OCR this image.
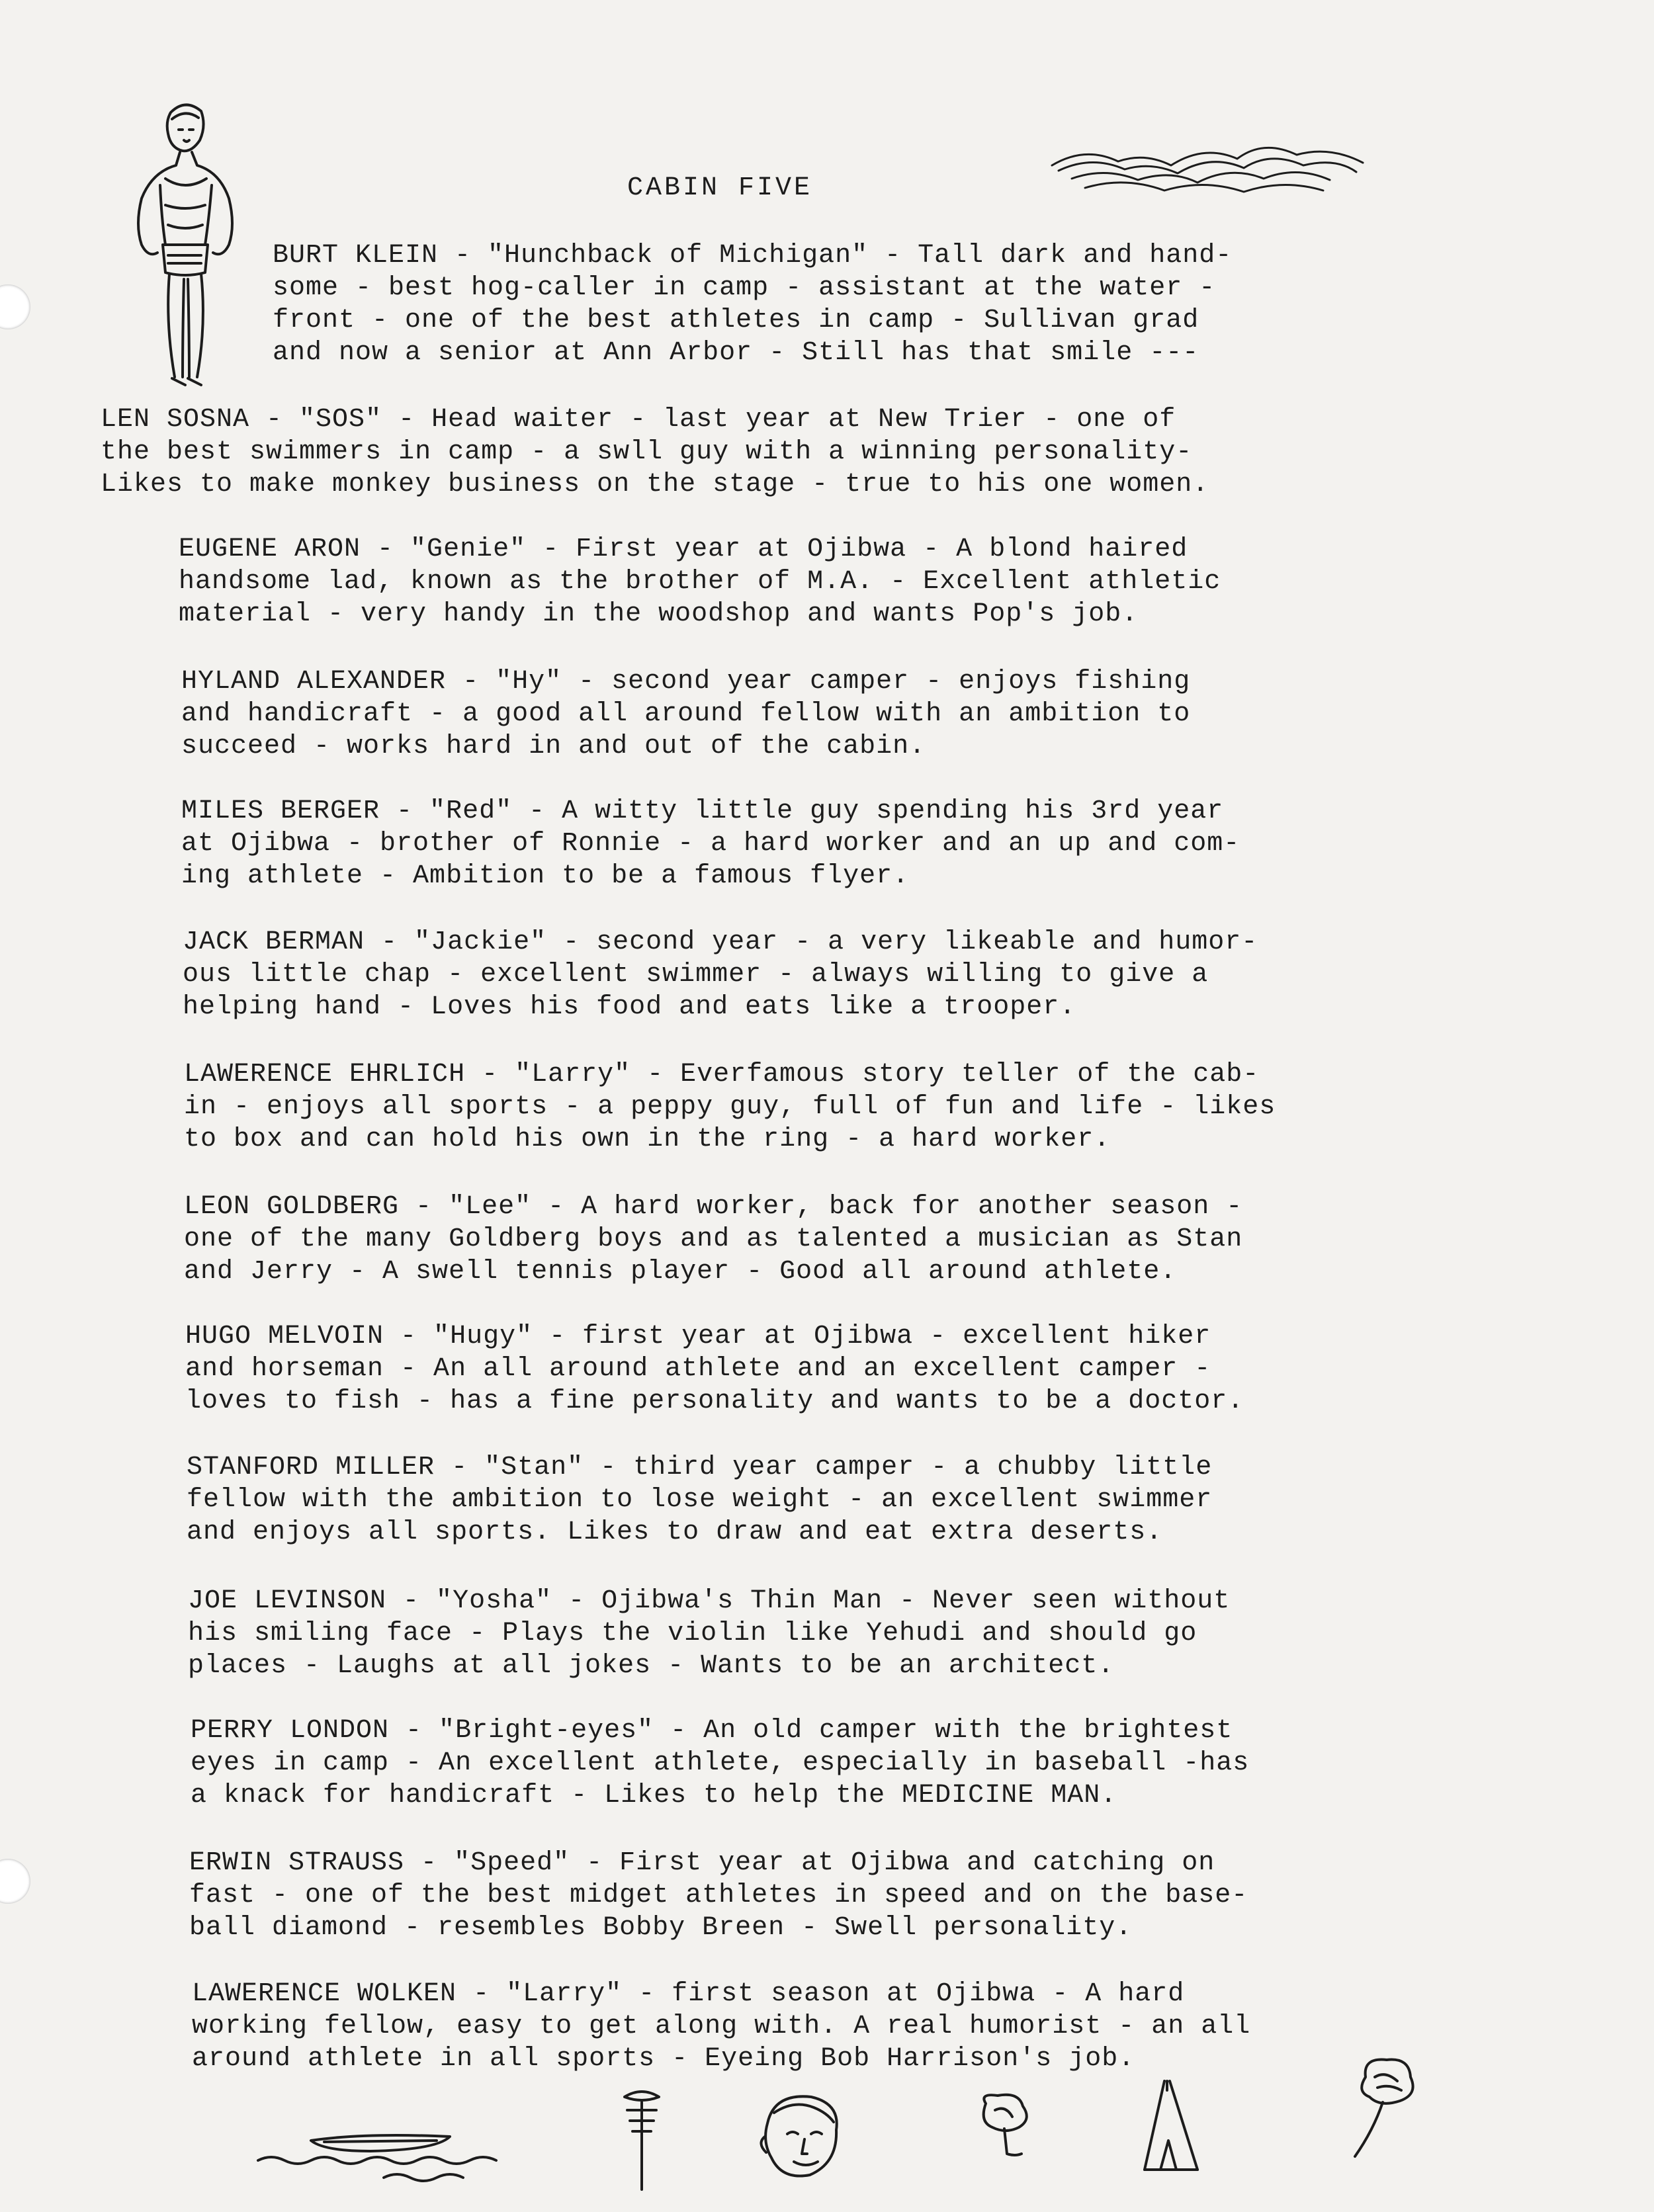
CABIN FIVE
BURT KLEIN - "Hunchback of Michigan" - Tall dark and hand-
some - best hog-caller in camp - assistant at the water -
front - one of the best athletes in camp - Sullivan grad
and now a senior at Ann Arbor - Still has that smile ---
LEN SOSNA - "SOS" - Head waiter - last year at New Trier - one of
the best swimmers in camp - a swll guy with a winning personality-
Likes to make monkey business on the stage - true to his one women.
EUGENE ARON - "Genie" - First year at Ojibwa - A blond haired
handsome lad, known as the brother of M.A. - Excellent athletic
material - very handy in the woodshop and wants Pop's job.
HYLAND ALEXANDER - "Hy" - second year camper - enjoys fishing
and handicraft - a good all around fellow with an ambition to
succeed - works hard in and out of the cabin.
MILES BERGER - "Red" - A witty little guy spending his 3rd year
at Ojibwa - brother of Ronnie - a hard worker and an up and com-
ing athlete - Ambition to be a famous flyer.
JACK BERMAN - "Jackie" - second year - a very likeable and humor-
ous little chap - excellent swimmer - always willing to give a
helping hand - Loves his food and eats like a trooper.
LAWERENCE EHRLICH - "Larry" - Everfamous story teller of the cab-
in - enjoys all sports - a peppy guy, full of fun and life - likes
to box and can hold his own in the ring - a hard worker.
LEON GOLDBERG - "Lee" - A hard worker, back for another season -
one of the many Goldberg boys and as talented a musician as Stan
and Jerry - A swell tennis player - Good all around athlete.
HUGO MELVOIN - "Hugy" - first year at Ojibwa - excellent hiker
and horseman - An all around athlete and an excellent camper -
loves to fish - has a fine personality and wants to be a doctor.
STANFORD MILLER - "Stan" - third year camper - a chubby little
fellow with the ambition to lose weight - an excellent swimmer
and enjoys all sports. Likes to draw and eat extra deserts.
JOE LEVINSON - "Yosha" - Ojibwa's Thin Man - Never seen without
his smiling face - Plays the violin like Yehudi and should go
places - Laughs at all jokes - Wants to be an architect.
PERRY LONDON - "Bright-eyes" - An old camper with the brightest
eyes in camp - An excellent athlete, especially in baseball -has
a knack for handicraft - Likes to help the MEDICINE MAN.
ERWIN STRAUSS - "Speed" - First year at Ojibwa and catching on
fast - one of the best midget athletes in speed and on the base-
ball diamond - resembles Bobby Breen - Swell personality.
LAWERENCE WOLKEN - "Larry" - first season at Ojibwa - A hard
working fellow, easy to get along with. A real humorist - an all
around athlete in all sports - Eyeing Bob Harrison's job.
